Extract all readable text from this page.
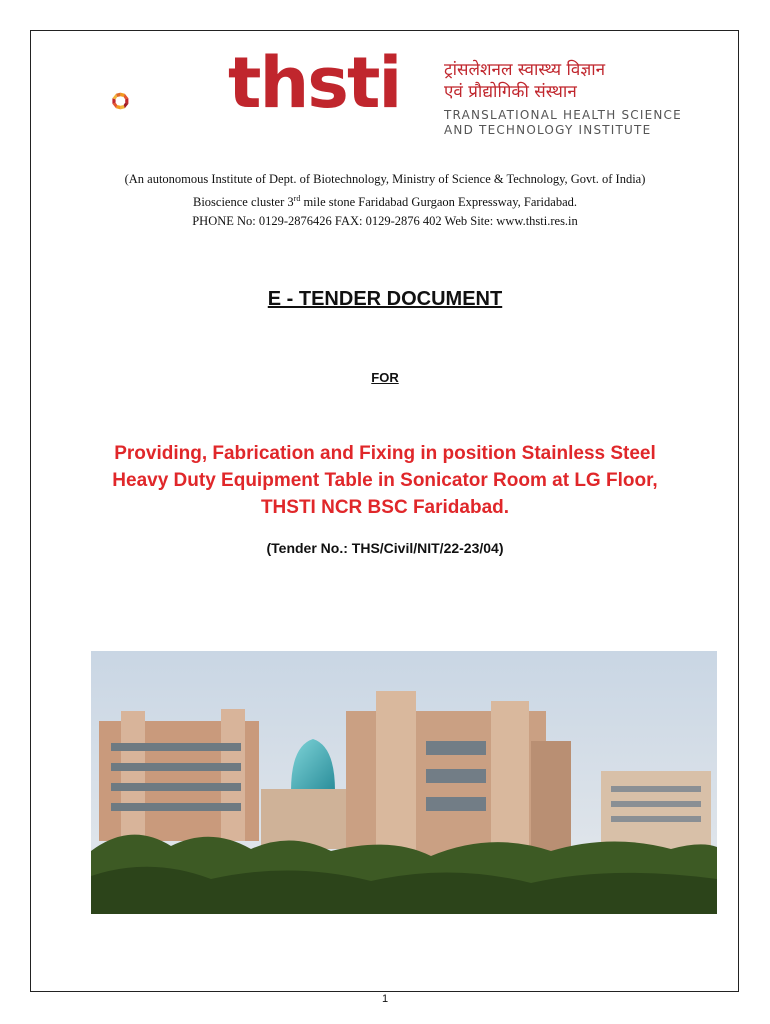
thsti	ट्रांसलेशनल स्वास्थ्य विज्ञान
एवं प्रौद्योगिकी संस्थान
TRANSLATIONAL HEALTH SCIENCE
AND TECHNOLOGY INSTITUTE
(An autonomous Institute of Dept. of Biotechnology, Ministry of Science & Technology, Govt. of India)
Bioscience cluster 3rd mile stone Faridabad Gurgaon Expressway, Faridabad.
PHONE No: 0129-2876426 FAX: 0129-2876 402 Web Site: www.thsti.res.in
E - TENDER DOCUMENT
FOR
Providing, Fabrication and Fixing in position Stainless Steel
Heavy Duty Equipment Table in Sonicator Room at LG Floor,
THSTI NCR BSC Faridabad.
(Tender No.: THS/Civil/NIT/22-23/04)
1
